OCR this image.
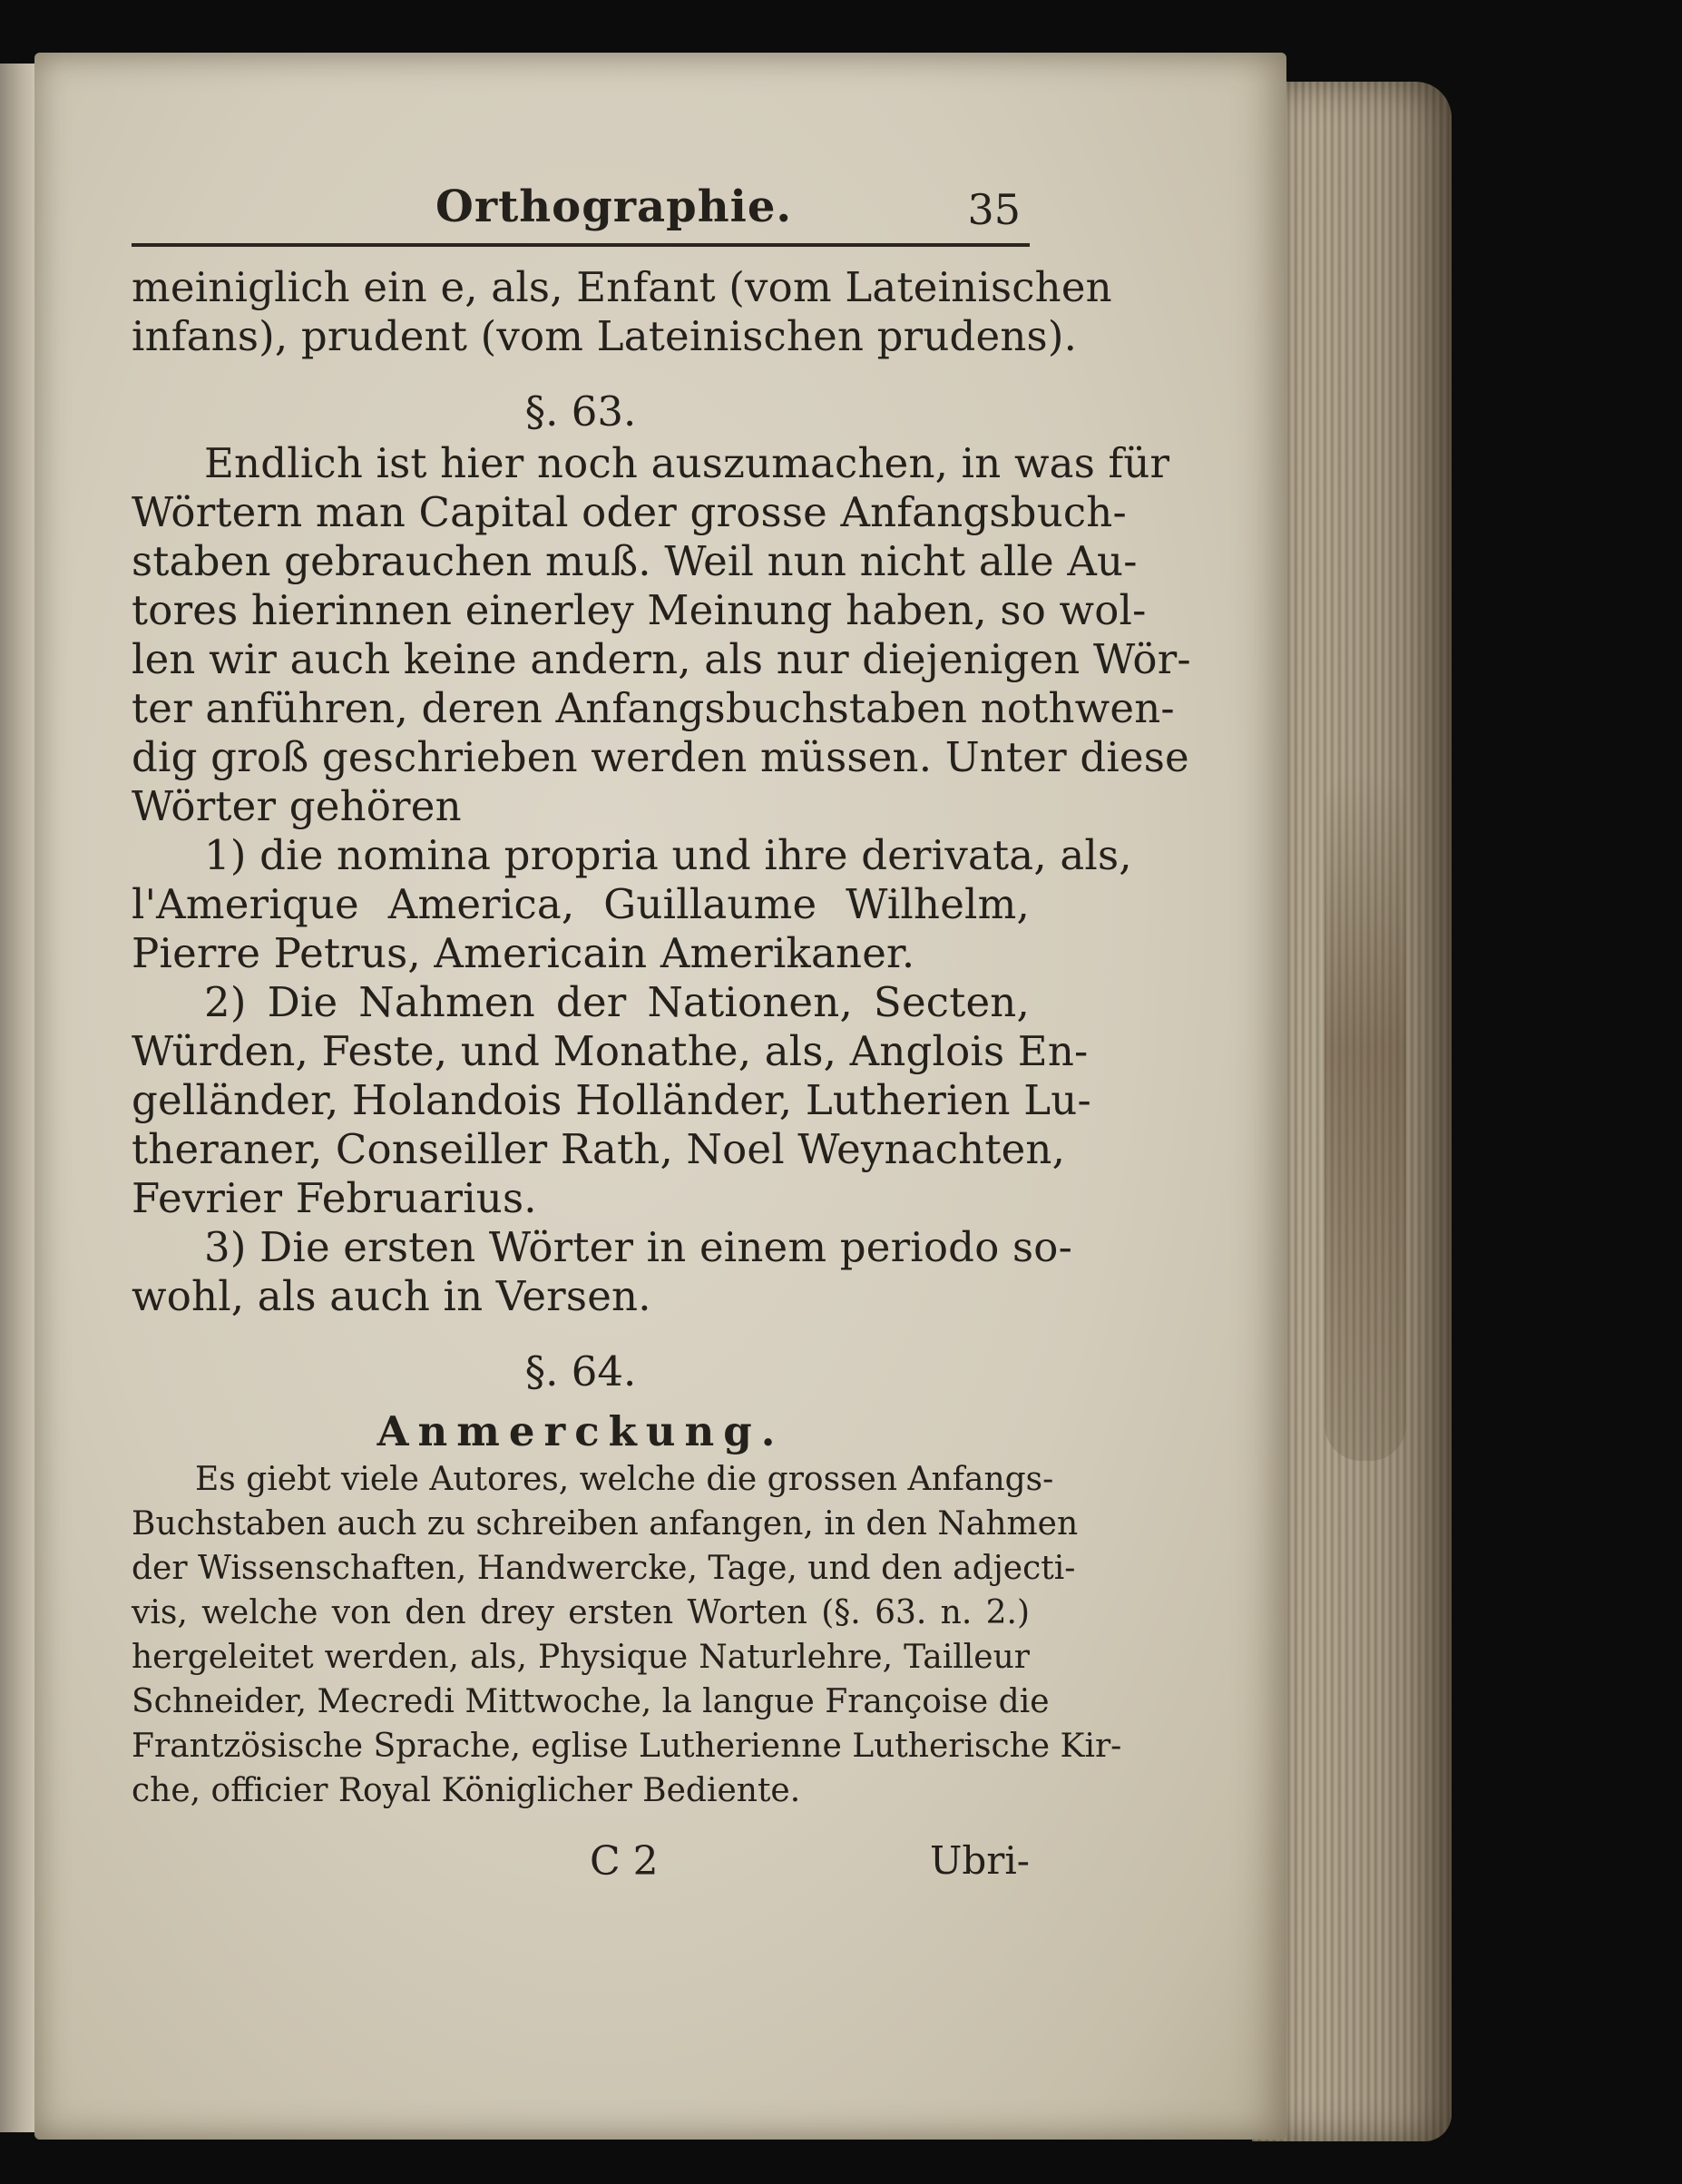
Orthographie.	35
meiniglich ein e, als, Enfant (vom Lateinischen
infans), prudent (vom Lateinischen prudens).
§. 63.
Endlich ist hier noch auszumachen, in was für
Wörtern man Capital oder grosse Anfangsbuch-
staben gebrauchen muß. Weil nun nicht alle Au-
tores hierinnen einerley Meinung haben, so wol-
len wir auch keine andern, als nur diejenigen Wör-
ter anführen, deren Anfangsbuchstaben nothwen-
dig groß geschrieben werden müssen. Unter diese
Wörter gehören
1) die nomina propria und ihre derivata, als,
l'Amerique America, Guillaume Wilhelm,
Pierre Petrus, Americain Amerikaner.
2) Die Nahmen der Nationen, Secten,
Würden, Feste, und Monathe, als, Anglois En-
gelländer, Holandois Holländer, Lutherien Lu-
theraner, Conseiller Rath, Noel Weynachten,
Fevrier Februarius.
3) Die ersten Wörter in einem periodo so-
wohl, als auch in Versen.
§. 64.
Anmerckung.
Es giebt viele Autores, welche die grossen Anfangs-
Buchstaben auch zu schreiben anfangen, in den Nahmen
der Wissenschaften, Handwercke, Tage, und den adjecti-
vis, welche von den drey ersten Worten (§. 63. n. 2.)
hergeleitet werden, als, Physique Naturlehre, Tailleur
Schneider, Mecredi Mittwoche, la langue Françoise die
Frantzösische Sprache, eglise Lutherienne Lutherische Kir-
che, officier Royal Königlicher Bediente.
C 2	Ubri-
